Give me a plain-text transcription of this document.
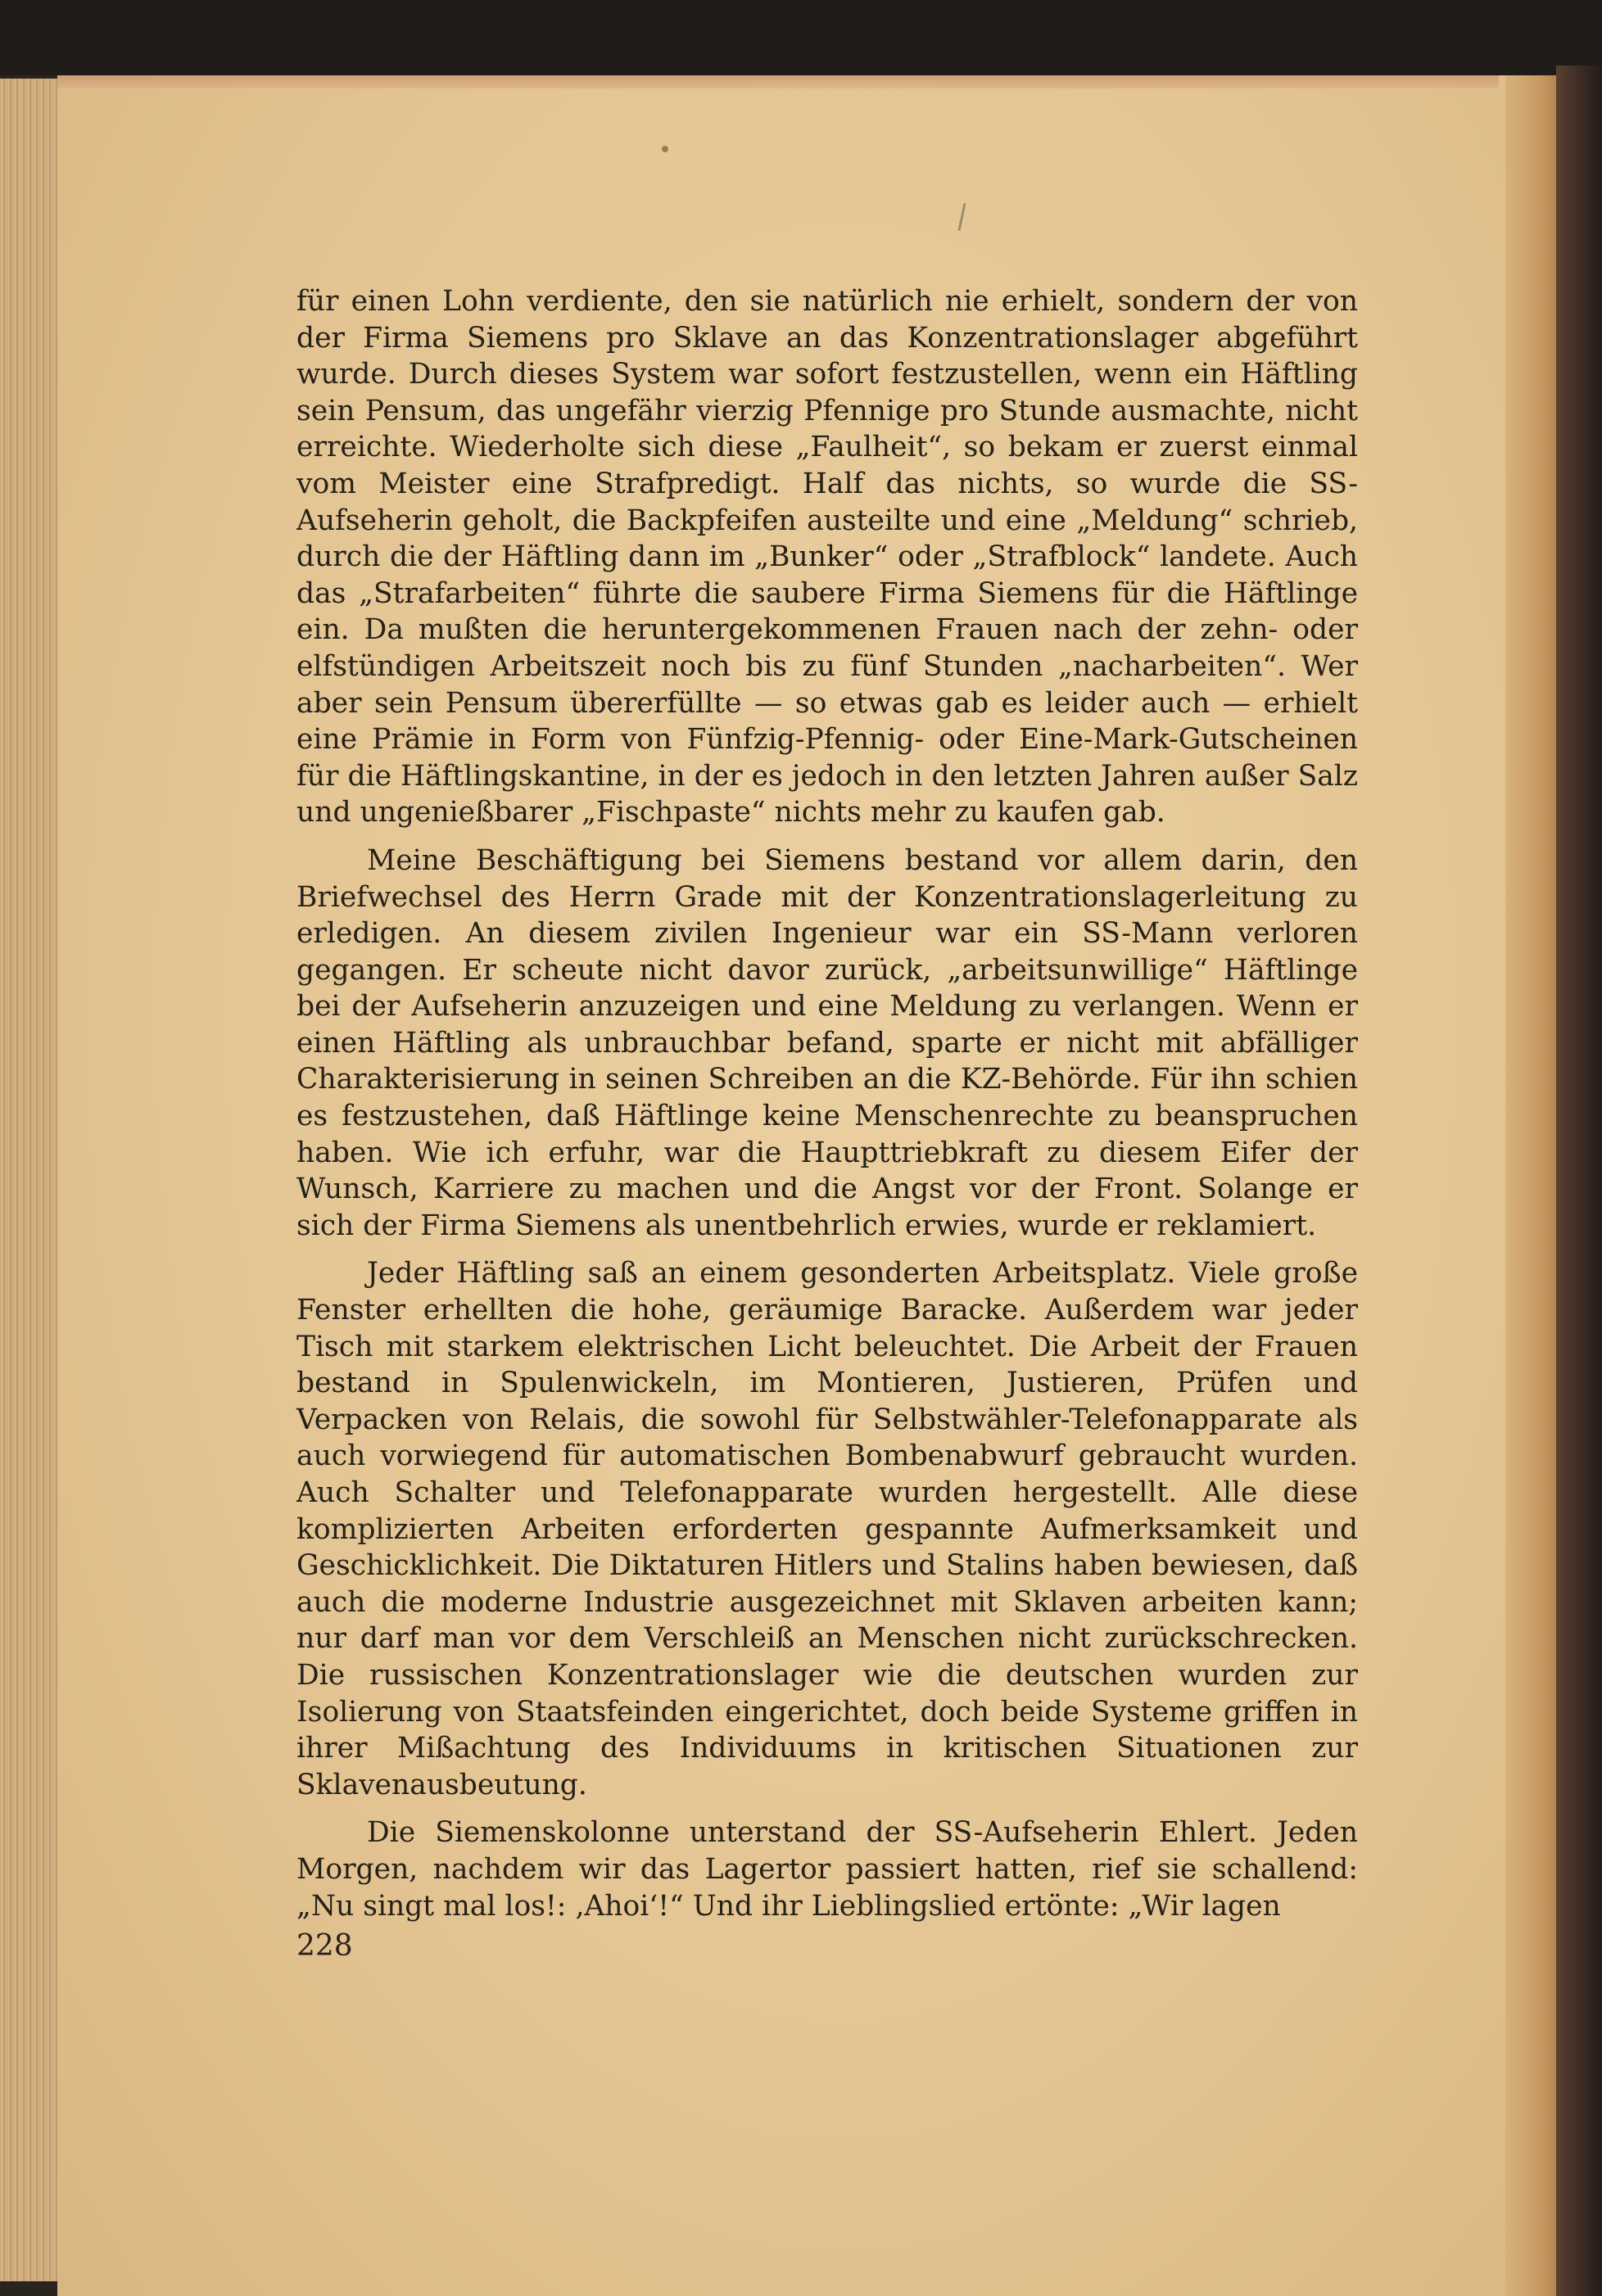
für einen Lohn verdiente, den sie natürlich nie erhielt, sondern der von der Firma Siemens pro Sklave an das Konzentrationslager abgeführt wurde. Durch dieses System war sofort festzustellen, wenn ein Häftling sein Pensum, das ungefähr vierzig Pfennige pro Stunde ausmachte, nicht erreichte. Wiederholte sich diese „Faulheit“, so bekam er zuerst einmal vom Meister eine Strafpredigt. Half das nichts, so wurde die SS-Aufseherin geholt, die Backpfeifen austeilte und eine „Meldung“ schrieb, durch die der Häftling dann im „Bunker“ oder „Strafblock“ landete. Auch das „Strafarbeiten“ führte die saubere Firma Siemens für die Häftlinge ein. Da mußten die heruntergekommenen Frauen nach der zehn- oder elfstündigen Arbeitszeit noch bis zu fünf Stunden „nacharbeiten“. Wer aber sein Pensum übererfüllte — so etwas gab es leider auch — erhielt eine Prämie in Form von Fünfzig-Pfennig- oder Eine-Mark-Gutscheinen für die Häftlingskantine, in der es jedoch in den letzten Jahren außer Salz und ungenießbarer „Fischpaste“ nichts mehr zu kaufen gab.

Meine Beschäftigung bei Siemens bestand vor allem darin, den Briefwechsel des Herrn Grade mit der Konzentrationslagerleitung zu erledigen. An diesem zivilen Ingenieur war ein SS-Mann verloren gegangen. Er scheute nicht davor zurück, „arbeitsunwillige“ Häftlinge bei der Aufseherin anzuzeigen und eine Meldung zu verlangen. Wenn er einen Häftling als unbrauchbar befand, sparte er nicht mit abfälliger Charakterisierung in seinen Schreiben an die KZ-Behörde. Für ihn schien es festzustehen, daß Häftlinge keine Menschenrechte zu beanspruchen haben. Wie ich erfuhr, war die Haupttriebkraft zu diesem Eifer der Wunsch, Karriere zu machen und die Angst vor der Front. Solange er sich der Firma Siemens als unentbehrlich erwies, wurde er reklamiert.

Jeder Häftling saß an einem gesonderten Arbeitsplatz. Viele große Fenster erhellten die hohe, geräumige Baracke. Außerdem war jeder Tisch mit starkem elektrischen Licht beleuchtet. Die Arbeit der Frauen bestand in Spulenwickeln, im Montieren, Justieren, Prüfen und Verpacken von Relais, die sowohl für Selbstwähler-Telefonapparate als auch vorwiegend für automatischen Bombenabwurf gebraucht wurden. Auch Schalter und Telefonapparate wurden hergestellt. Alle diese komplizierten Arbeiten erforderten gespannte Aufmerksamkeit und Geschicklichkeit. Die Diktaturen Hitlers und Stalins haben bewiesen, daß auch die moderne Industrie ausgezeichnet mit Sklaven arbeiten kann; nur darf man vor dem Verschleiß an Menschen nicht zurückschrecken. Die russischen Konzentrationslager wie die deutschen wurden zur Isolierung von Staatsfeinden eingerichtet, doch beide Systeme griffen in ihrer Mißachtung des Individuums in kritischen Situationen zur Sklavenausbeutung.

Die Siemenskolonne unterstand der SS-Aufseherin Ehlert. Jeden Morgen, nachdem wir das Lagertor passiert hatten, rief sie schallend: „Nu singt mal los!: ‚Ahoi‘!“ Und ihr Lieblingslied ertönte: „Wir lagen

228
